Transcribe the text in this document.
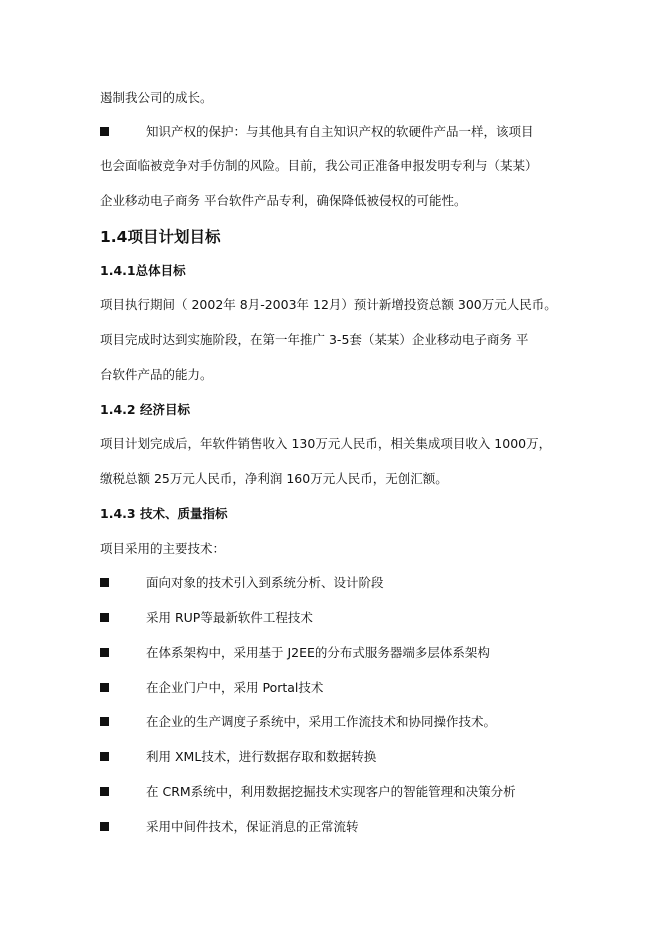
遏制我公司的成长。
知识产权的保护：与其他具有自主知识产权的软硬件产品一样，该项目
也会面临被竞争对手仿制的风险。目前，我公司正准备申报发明专利与（某某）
企业移动电子商务 平台软件产品专利，确保降低被侵权的可能性。
1.4项目计划目标
1.4.1总体目标
项目执行期间（ 2002年 8月-2003年 12月）预计新增投资总额 300万元人民币。
项目完成时达到实施阶段，在第一年推广 3-5套（某某）企业移动电子商务 平
台软件产品的能力。
1.4.2 经济目标
项目计划完成后，年软件销售收入 130万元人民币，相关集成项目收入 1000万，
缴税总额 25万元人民币，净利润 160万元人民币，无创汇额。
1.4.3 技术、质量指标
项目采用的主要技术：
面向对象的技术引入到系统分析、设计阶段
采用 RUP等最新软件工程技术
在体系架构中，采用基于 J2EE的分布式服务器端多层体系架构
在企业门户中，采用 Portal技术
在企业的生产调度子系统中，采用工作流技术和协同操作技术。
利用 XML技术，进行数据存取和数据转换
在 CRM系统中，利用数据挖掘技术实现客户的智能管理和决策分析
采用中间件技术，保证消息的正常流转
